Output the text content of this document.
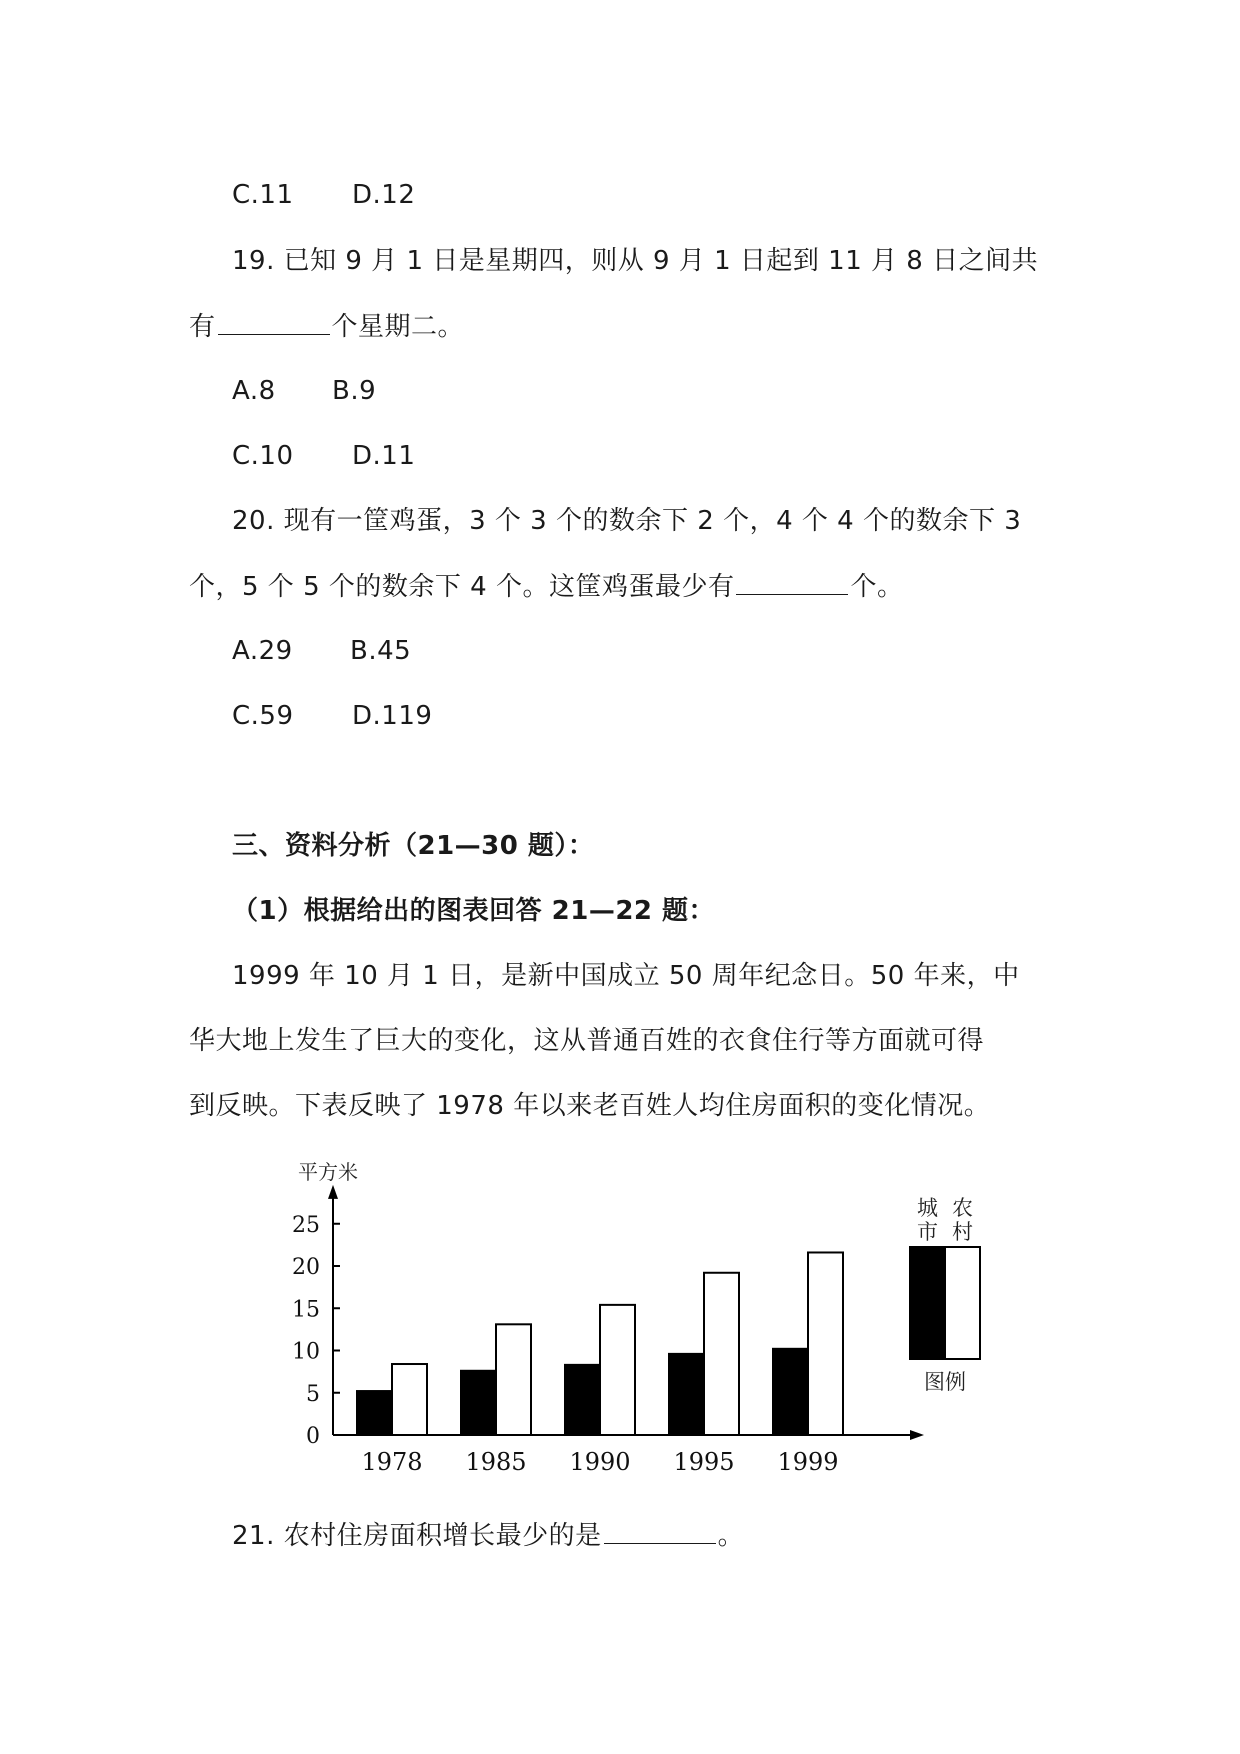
C.11 D.12
19. 已知 9 月 1 日是星期四，则从 9 月 1 日起到 11 月 8 日之间共
有	个星期二。
A.8 B.9
C.10 D.11
20. 现有一筐鸡蛋，3 个 3 个的数余下 2 个，4 个 4 个的数余下 3
个，5 个 5 个的数余下 4 个。这筐鸡蛋最少有	个。
A.29 B.45
C.59 D.119
三、资料分析（21—30 题）：
（1）根据给出的图表回答 21—22 题：
1999 年 10 月 1 日，是新中国成立 50 周年纪念日。50 年来，中
华大地上发生了巨大的变化，这从普通百姓的衣食住行等方面就可得
到反映。下表反映了 1978 年以来老百姓人均住房面积的变化情况。
平方米
0
5
10
15
20
25
1978 1985 1990 1995 1999
城
市
农
村
图例
21. 农村住房面积增长最少的是	。
